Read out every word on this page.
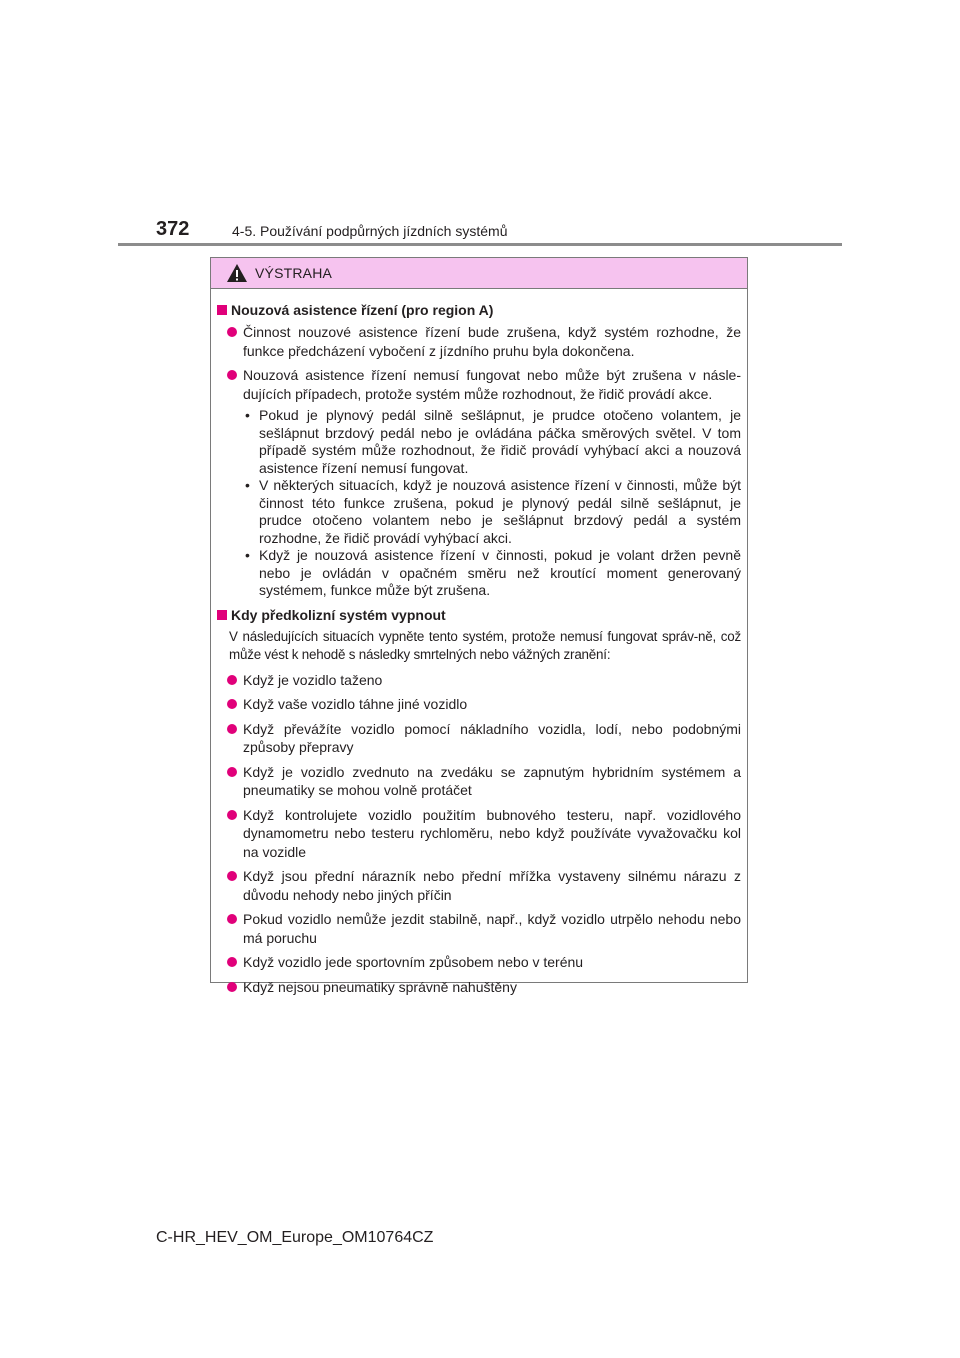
372	4-5. Používání podpůrných jízdních systémů
VÝSTRAHA
Nouzová asistence řízení (pro region A)
Činnost nouzové asistence řízení bude zrušena, když systém rozhodne, že funkce předcházení vybočení z jízdního pruhu byla dokončena.
Nouzová asistence řízení nemusí fungovat nebo může být zrušena v násle-dujících případech, protože systém může rozhodnout, že řidič provádí akce.
• Pokud je plynový pedál silně sešlápnut, je prudce otočeno volantem, je sešlápnut brzdový pedál nebo je ovládána páčka směrových světel. V tom případě systém může rozhodnout, že řidič provádí vyhýbací akci a nouzová asistence řízení nemusí fungovat.
• V některých situacích, když je nouzová asistence řízení v činnosti, může být činnost této funkce zrušena, pokud je plynový pedál silně sešlápnut, je prudce otočeno volantem nebo je sešlápnut brzdový pedál a systém rozhodne, že řidič provádí vyhýbací akci.
• Když je nouzová asistence řízení v činnosti, pokud je volant držen pevně nebo je ovládán v opačném směru než kroutící moment generovaný systémem, funkce může být zrušena.
Kdy předkolizní systém vypnout
V následujících situacích vypněte tento systém, protože nemusí fungovat správ-ně, což může vést k nehodě s následky smrtelných nebo vážných zranění:
Když je vozidlo taženo
Když vaše vozidlo táhne jiné vozidlo
Když převážíte vozidlo pomocí nákladního vozidla, lodí, nebo podobnými způsoby přepravy
Když je vozidlo zvednuto na zvedáku se zapnutým hybridním systémem a pneumatiky se mohou volně protáčet
Když kontrolujete vozidlo použitím bubnového testeru, např. vozidlového dynamometru nebo testeru rychloměru, nebo když používáte vyvažovačku kol na vozidle
Když jsou přední nárazník nebo přední mřížka vystaveny silnému nárazu z důvodu nehody nebo jiných příčin
Pokud vozidlo nemůže jezdit stabilně, např., když vozidlo utrpělo nehodu nebo má poruchu
Když vozidlo jede sportovním způsobem nebo v terénu
Když nejsou pneumatiky správně nahuštěny
C-HR_HEV_OM_Europe_OM10764CZ
